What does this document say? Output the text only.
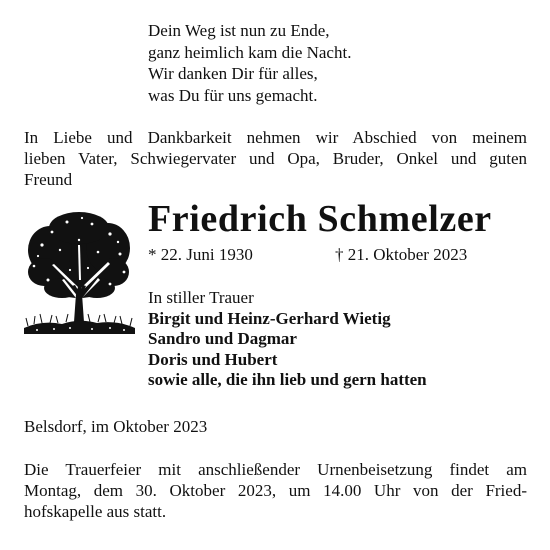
Dein Weg ist nun zu Ende,
ganz heimlich kam die Nacht.
Wir danken Dir für alles,
was Du für uns gemacht.
In Liebe und Dankbarkeit nehmen wir Abschied von meinem
lieben Vater, Schwiegervater und Opa, Bruder, Onkel und guten
Freund
Friedrich Schmelzer
* 22. Juni 1930	† 21. Oktober 2023
In stiller Trauer
Birgit und Heinz-Gerhard Wietig
Sandro und Dagmar
Doris und Hubert
sowie alle, die ihn lieb und gern hatten
Belsdorf, im Oktober 2023
Die Trauerfeier mit anschließender Urnenbeisetzung findet am
Montag, dem 30. Oktober 2023, um 14.00 Uhr von der Fried-
hofskapelle aus statt.
